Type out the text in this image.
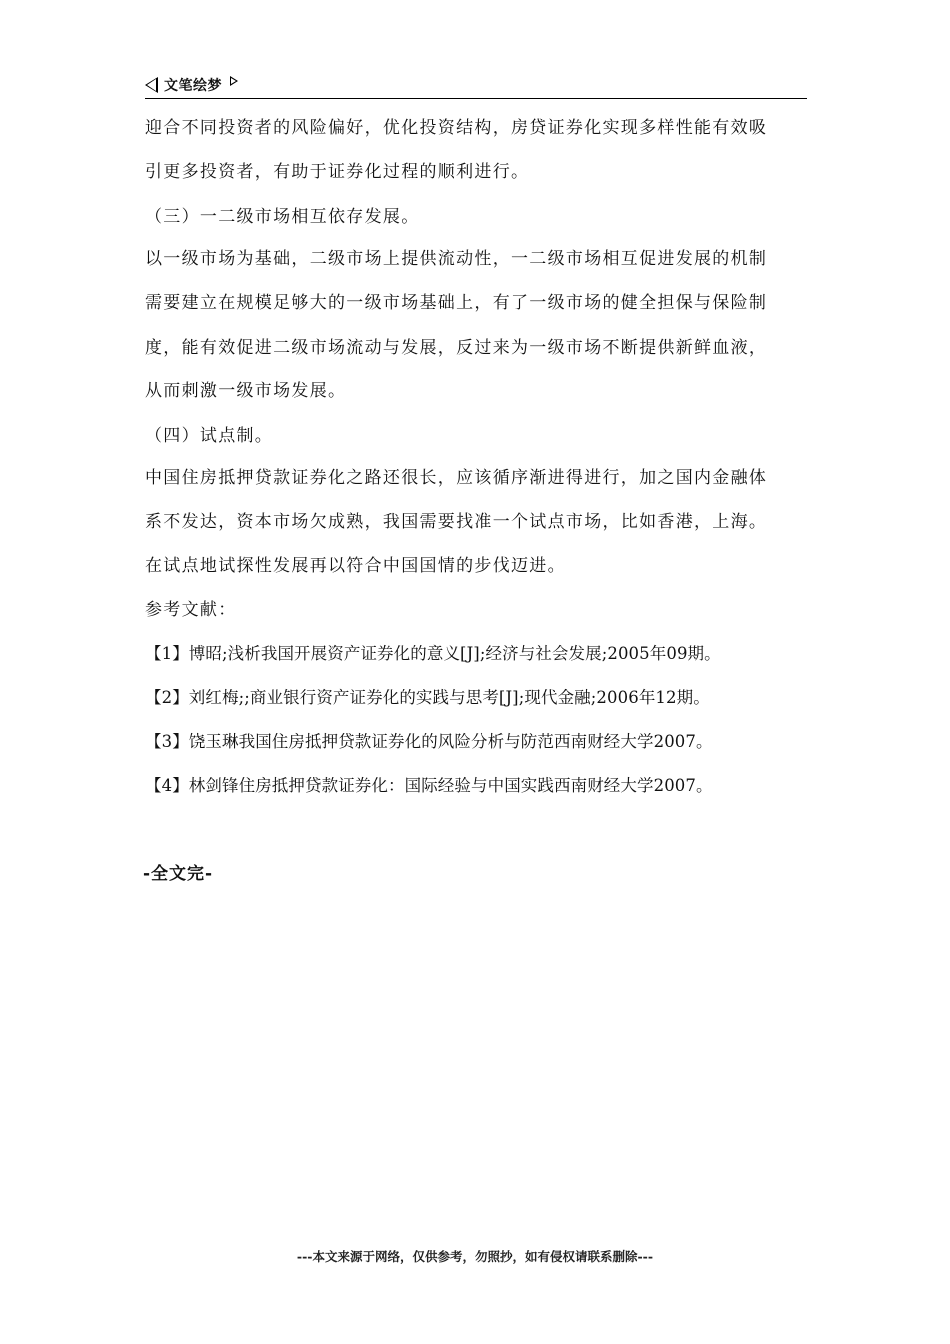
文笔绘梦
迎合不同投资者的风险偏好，优化投资结构，房贷证券化实现多样性能有效吸
引更多投资者，有助于证券化过程的顺利进行。
（三）一二级市场相互依存发展。
以一级市场为基础，二级市场上提供流动性，一二级市场相互促进发展的机制
需要建立在规模足够大的一级市场基础上，有了一级市场的健全担保与保险制
度，能有效促进二级市场流动与发展，反过来为一级市场不断提供新鲜血液，
从而刺激一级市场发展。
（四）试点制。
中国住房抵押贷款证券化之路还很长，应该循序渐进得进行，加之国内金融体
系不发达，资本市场欠成熟，我国需要找准一个试点市场，比如香港，上海。
在试点地试探性发展再以符合中国国情的步伐迈进。
参考文献：
【1】博昭;浅析我国开展资产证券化的意义[J];经济与社会发展;2005年09期。
【2】刘红梅;;商业银行资产证券化的实践与思考[J];现代金融;2006年12期。
【3】饶玉琳我国住房抵押贷款证券化的风险分析与防范西南财经大学2007。
【4】林剑锋住房抵押贷款证券化：国际经验与中国实践西南财经大学2007。
-全文完-
---本文来源于网络，仅供参考，勿照抄，如有侵权请联系删除---
